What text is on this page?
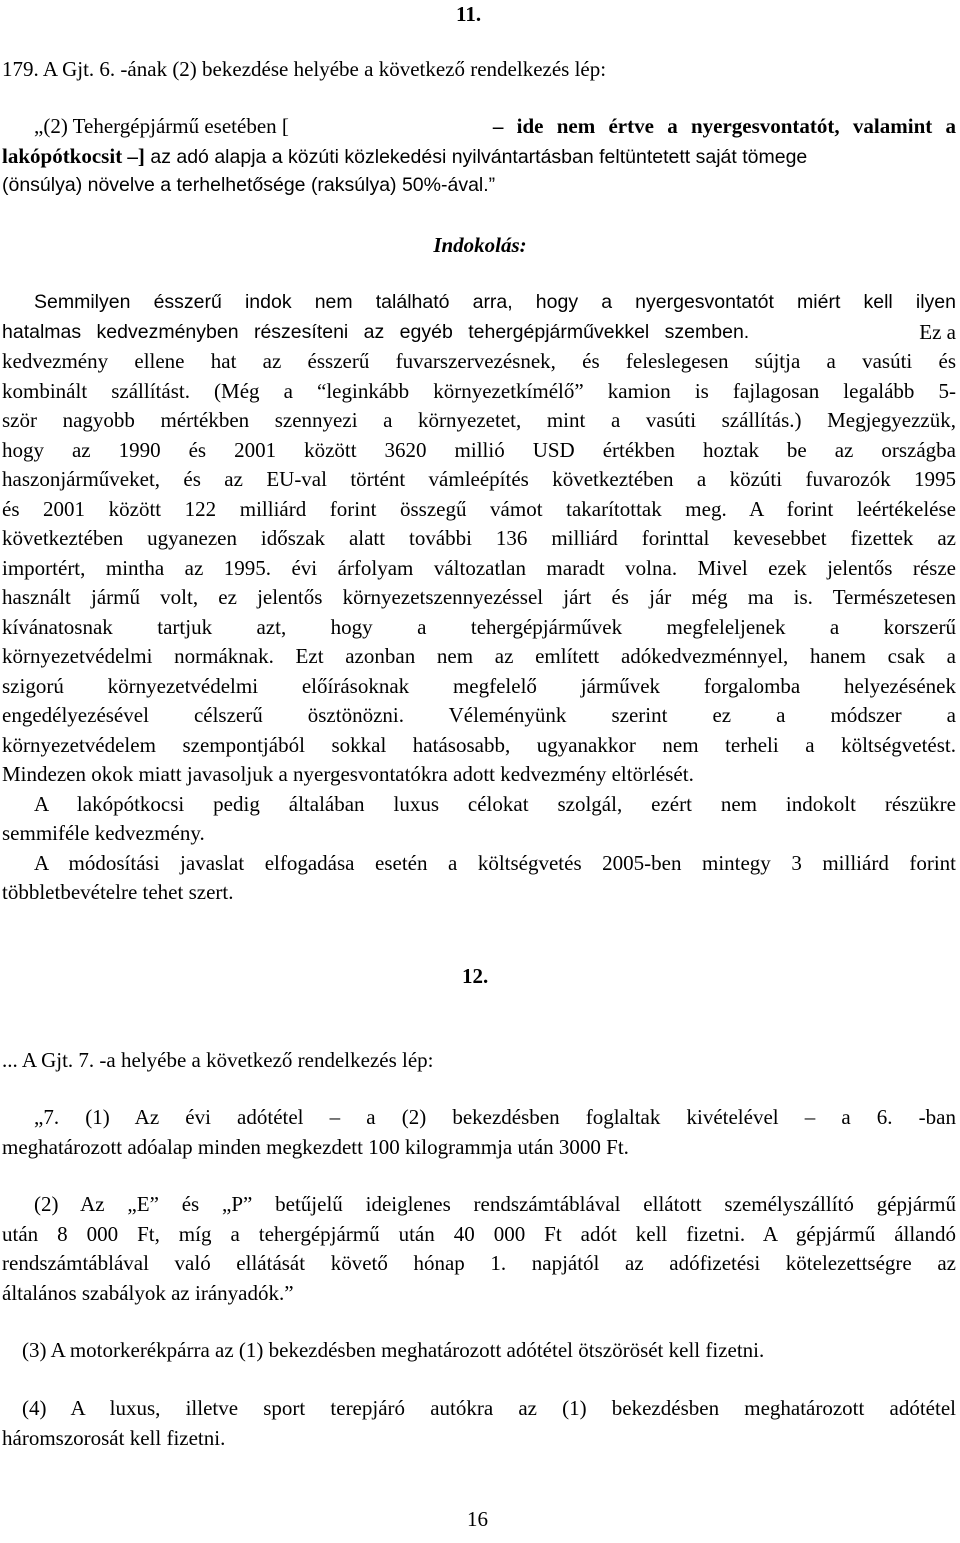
11.
179. A Gjt. 6. -ának (2) bekezdése helyébe a következő rendelkezés lép:
„(2) Tehergépjármű esetében [	– ide nem értve a nyergesvontatót, valamint a
lakópótkocsit –] az adó alapja a közúti közlekedési nyilvántartásban feltüntetett saját tömege
(önsúlya) növelve a terhelhetősége (raksúlya) 50%-ával.”
Indokolás:
Semmilyen ésszerű indok nem található arra, hogy a nyergesvontatót miért kell ilyen
hatalmas kedvezményben részesíteni az egyéb tehergépjárművekkel szemben.	Ez a
kedvezmény ellene hat az ésszerű fuvarszervezésnek, és feleslegesen sújtja a vasúti és
kombinált szállítást. (Még a “leginkább környezetkímélő” kamion is fajlagosan legalább 5-
ször nagyobb mértékben szennyezi a környezetet, mint a vasúti szállítás.) Megjegyezzük,
hogy az 1990 és 2001 között 3620 millió USD értékben hoztak be az országba
haszonjárműveket, és az EU-val történt vámleépítés következtében a közúti fuvarozók 1995
és 2001 között 122 milliárd forint összegű vámot takarítottak meg. A forint leértékelése
következtében ugyanezen időszak alatt további 136 milliárd forinttal kevesebbet fizettek az
importért, mintha az 1995. évi árfolyam változatlan maradt volna. Mivel ezek jelentős része
használt jármű volt, ez jelentős környezetszennyezéssel járt és jár még ma is. Természetesen
kívánatosnak tartjuk azt, hogy a tehergépjárművek megfeleljenek a korszerű
környezetvédelmi normáknak. Ezt azonban nem az említett adókedvezménnyel, hanem csak a
szigorú környezetvédelmi előírásoknak megfelelő járművek forgalomba helyezésének
engedélyezésével célszerű ösztönözni. Véleményünk szerint ez a módszer a
környezetvédelem szempontjából sokkal hatásosabb, ugyanakkor nem terheli a költségvetést.
Mindezen okok miatt javasoljuk a nyergesvontatókra adott kedvezmény eltörlését.
A lakópótkocsi pedig általában luxus célokat szolgál, ezért nem indokolt részükre
semmiféle kedvezmény.
A módosítási javaslat elfogadása esetén a költségvetés 2005-ben mintegy 3 milliárd forint
többletbevételre tehet szert.
12.
... A Gjt. 7. -a helyébe a következő rendelkezés lép:
„7. (1) Az évi adótétel – a (2) bekezdésben foglaltak kivételével – a 6. -ban
meghatározott adóalap minden megkezdett 100 kilogrammja után 3000 Ft.
(2) Az „E” és „P” betűjelű ideiglenes rendszámtáblával ellátott személyszállító gépjármű
után 8 000 Ft, míg a tehergépjármű után 40 000 Ft adót kell fizetni. A gépjármű állandó
rendszámtáblával való ellátását követő hónap 1. napjától az adófizetési kötelezettségre az
általános szabályok az irányadók.”
(3) A motorkerékpárra az (1) bekezdésben meghatározott adótétel ötszörösét kell fizetni.
(4) A luxus, illetve sport terepjáró autókra az (1) bekezdésben meghatározott adótétel
háromszorosát kell fizetni.
16
